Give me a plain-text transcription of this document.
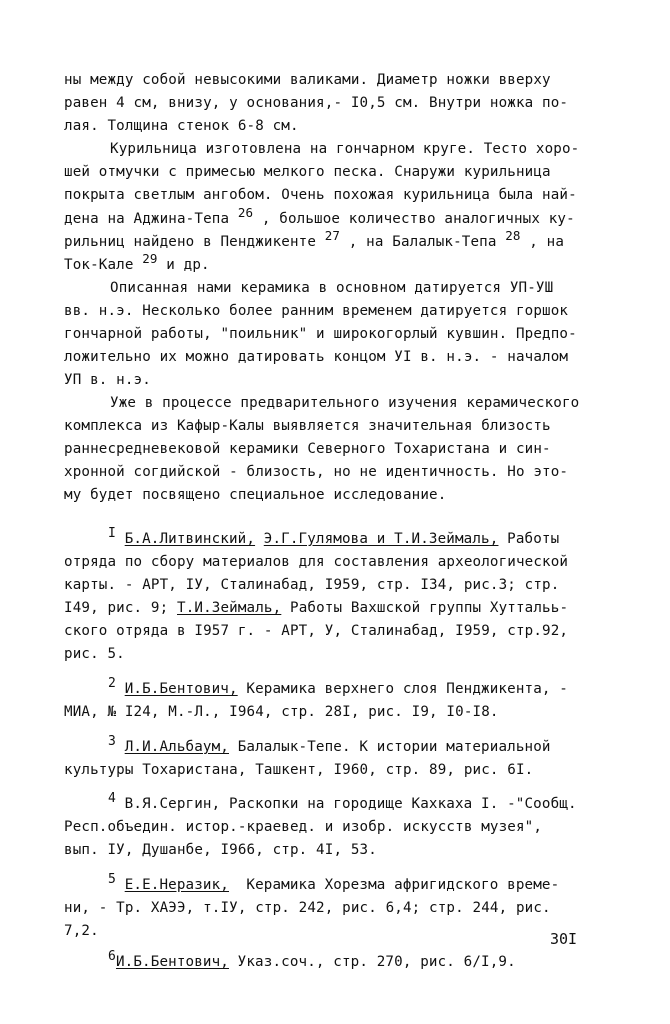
ны между собой невысокими валиками. Диаметр ножки вверху
равен 4 см, внизу, у основания,- I0,5 см. Внутри ножка по-
лая. Толщина стенок 6-8 см.
Курильница изготовлена на гончарном круге. Тесто хоро-
шей отмучки с примесью мелкого песка. Снаружи курильница
покрыта светлым ангобом. Очень похожая курильница была най-
дена на Аджина-Тепа $^{26}$ , большое количество аналогичных ку-
рильниц найдено в Пенджикенте $^{27}$ , на Балалык-Тепа $^{28}$ , на
Ток-Кале $^{29}$ и др.
Описанная нами керамика в основном датируется УП-УШ
вв. н.э. Несколько более ранним временем датируется горшок
гончарной работы, "поильник" и широкогорлый кувшин. Предпо-
ложительно их можно датировать концом УI в. н.э. - началом
УП в. н.э.
Уже в процессе предварительного изучения керамического
комплекса из Кафыр-Калы выявляется значительная близость
раннесредневековой керамики Северного Тохаристана и син-
хронной согдийской - близость, но не идентичность. Но это-
му будет посвящено специальное исследование.
I Б.А.Литвинский, Э.Г.Гулямова и Т.И.Зеймаль, Работы
отряда по сбору материалов для составления археологической
карты. - АРТ, IУ, Сталинабад, I959, стр. I34, рис.3; стр.
I49, рис. 9; Т.И.Зеймаль, Работы Вахшской группы Хуттальь-
ского отряда в I957 г. - АРТ, У, Сталинабад, I959, стр.92,
рис. 5.
2 И.Б.Бентович, Керамика верхнего слоя Пенджикента, -
МИА, № I24, М.-Л., I964, стр. 28I, рис. I9, I0-I8.
3 Л.И.Альбаум, Балалык-Тепе. К истории материальной
культуры Тохаристана, Ташкент, I960, стр. 89, рис. 6I.
4 В.Я.Сергин, Раскопки на городище Кахкаха I. -"Сообщ.
Респ.объедин. истор.-краевед. и изобр. искусств музея",
вып. IУ, Душанбе, I966, стр. 4I, 53.
5 Е.Е.Неразик,  Керамика Хорезма афригидского време-
ни, - Тр. ХАЭЭ, т.IУ, стр. 242, рис. 6,4; стр. 244, рис.
7,2.
6И.Б.Бентович, Указ.соч., стр. 270, рис. 6/I,9.
30I
